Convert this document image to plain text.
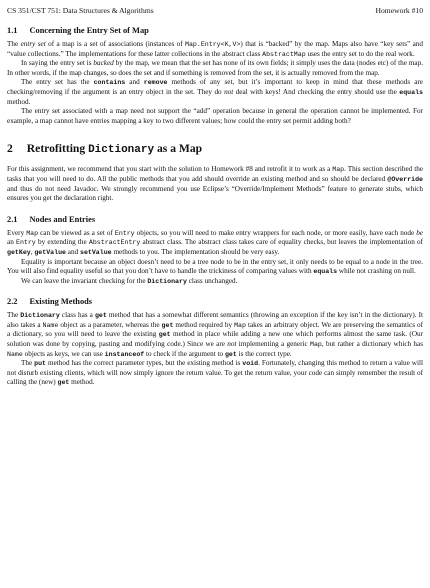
CS 351/CST 751: Data Structures & Algorithms	Homework #10
1.1 Concerning the Entry Set of Map

The entry set of a map is a set of associations (instances of Map.Entry<K,V>) that is “backed” by the map. Maps also have “key sets” and “value collections.” The implementations for these latter collections in the abstract class AbstractMap uses the entry set to do the real work.

In saying the entry set is backed by the map, we mean that the set has none of its own fields; it simply uses the data (nodes etc) of the map. In other words, if the map changes, so does the set and if something is removed from the set, it is actually removed from the map.

The entry set has the contains and remove methods of any set, but it’s important to keep in mind that these methods are checking/removing if the argument is an entry object in the set. They do not deal with keys! And checking the entry should use the equals method.

The entry set associated with a map need not support the “add” operation because in general the operation cannot be implemented. For example, a map cannot have entries mapping a key to two different values; how could the entry set permit adding both?

2 Retrofitting Dictionary as a Map

For this assignment, we recommend that you start with the solution to Homework #8 and retrofit it to work as a Map. This section described the tasks that you will need to do. All the public methods that you add should override an existing method and so should be declared @Override and thus do not need Javadoc. We strongly recommend you use Eclipse’s “Override/Implement Methods” feature to generate stubs, which ensures you get the declaration right.

2.1 Nodes and Entries

Every Map can be viewed as a set of Entry objects, so you will need to make entry wrappers for each node, or more easily, have each node be an Entry by extending the AbstractEntry abstract class. The abstract class takes care of equality checks, but leaves the implementation of getKey, getValue and setValue methods to you. The implementation should be very easy.

Equality is important because an object doesn’t need to be a tree node to be in the entry set, it only needs to be equal to a node in the tree. You will also find equality useful so that you don’t have to handle the trickiness of comparing values with equals while not crashing on null.

We can leave the invariant checking for the Dictionary class unchanged.

2.2 Existing Methods

The Dictionary class has a get method that has a somewhat different semantics (throwing an exception if the key isn’t in the dictionary). It also takes a Name object as a parameter, whereas the get method required by Map takes an arbitrary object. We are preserving the semantics of a dictionary, so you will need to leave the existing get method in place while adding a new one which performs almost the same task. (Our solution was done by copying, pasting and modifying code.) Since we are not implementing a generic Map, but rather a dictionary which has Name objects as keys, we can use instanceof to check if the argument to get is the correct type.

The put method has the correct parameter types, but the existing method is void. Fortunately, changing this method to return a value will not disturb existing clients, which will now simply ignore the return value. To get the return value, your code can simply remember the result of calling the (new) get method.
